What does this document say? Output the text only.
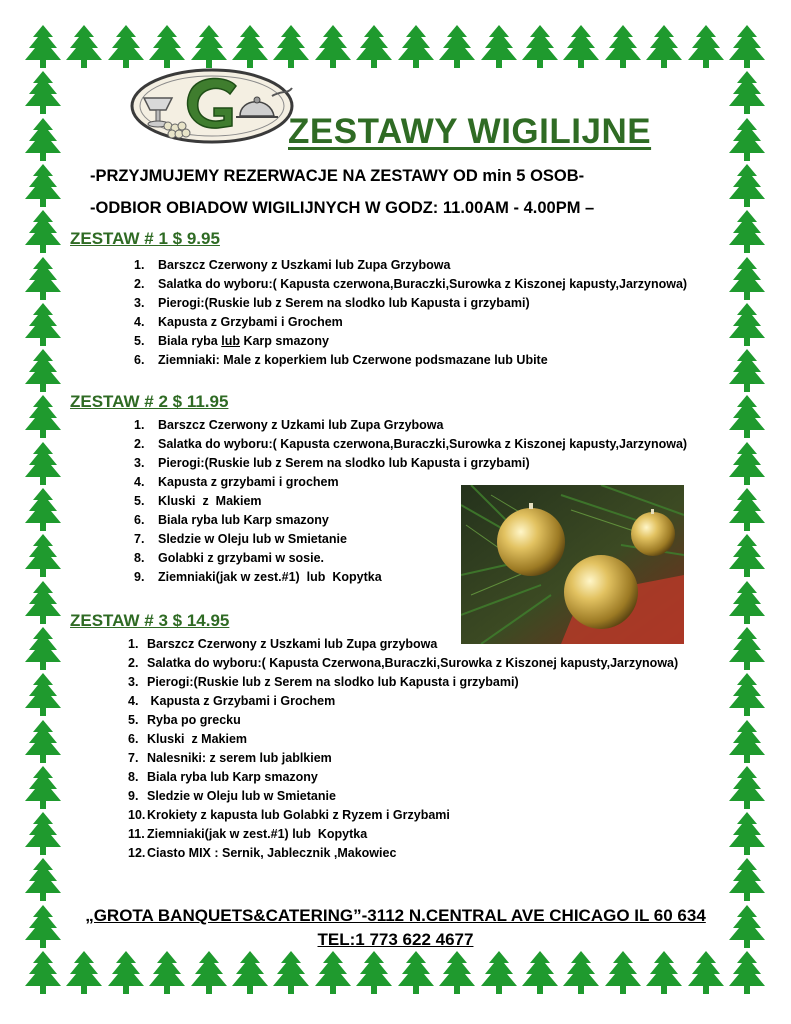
ZESTAWY WIGILIJNE
-PRZYJMUJEMY REZERWACJE NA ZESTAWY OD min 5 OSOB-
-ODBIOR OBIADOW WIGILIJNYCH W GODZ: 11.00AM - 4.00PM –
ZESTAW # 1 $ 9.95
1. Barszcz Czerwony z Uszkami lub Zupa Grzybowa
2. Salatka do wyboru:( Kapusta czerwona,Buraczki,Surowka z Kiszonej kapusty,Jarzynowa)
3. Pierogi:(Ruskie lub z Serem na slodko lub Kapusta i grzybami)
4. Kapusta z Grzybami i Grochem
5. Biala ryba lub Karp smazony
6. Ziemniaki: Male z koperkiem lub Czerwone podsmazane lub Ubite
ZESTAW # 2 $ 11.95
1. Barszcz Czerwony z Uzkami lub Zupa Grzybowa
2. Salatka do wyboru:( Kapusta czerwona,Buraczki,Surowka z Kiszonej kapusty,Jarzynowa)
3. Pierogi:(Ruskie lub z Serem na slodko lub Kapusta i grzybami)
4. Kapusta z grzybami i grochem
5. Kluski  z  Makiem
6. Biala ryba lub Karp smazony
7. Sledzie w Oleju lub w Smietanie
8. Golabki z grzybami w sosie.
9. Ziemniaki(jak w zest.#1)  lub  Kopytka
ZESTAW # 3 $ 14.95
1. Barszcz Czerwony z Uszkami lub Zupa grzybowa
2. Salatka do wyboru:( Kapusta Czerwona,Buraczki,Surowka z Kiszonej kapusty,Jarzynowa)
3. Pierogi:(Ruskie lub z Serem na slodko lub Kapusta i grzybami)
4. Kapusta z Grzybami i Grochem
5. Ryba po grecku
6. Kluski  z Makiem
7. Nalesniki: z serem lub jablkiem
8. Biala ryba lub Karp smazony
9. Sledzie w Oleju lub w Smietanie
10. Krokiety z kapusta lub Golabki z Ryzem i Grzybami
11. Ziemniaki(jak w zest.#1) lub  Kopytka
12. Ciasto MIX : Sernik, Jablecznik ,Makowiec
„GROTA BANQUETS&CATERING”-3112 N.CENTRAL AVE CHICAGO IL 60 634
TEL:1 773 622 4677
